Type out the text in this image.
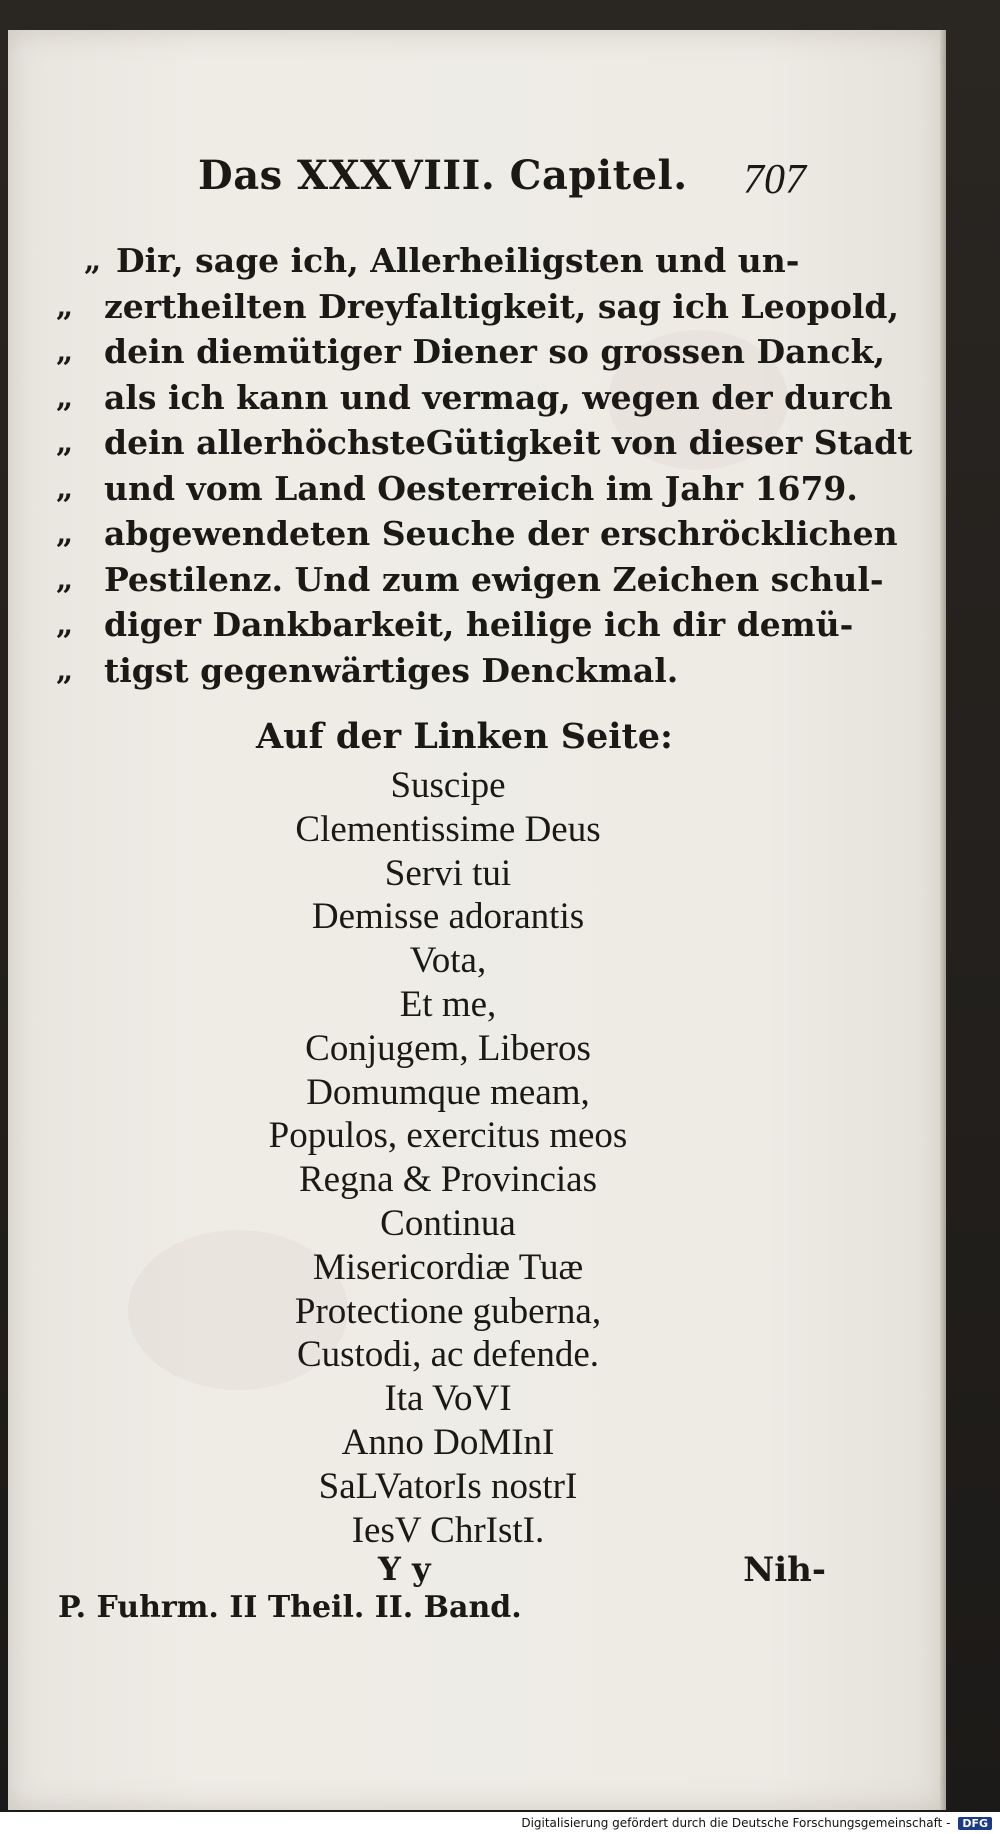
Das XXXVIII. Capitel. 707
„ Dir, sage ich, Allerheiligsten und un-
„ zertheilten Dreyfaltigkeit, sag ich Leopold,
„ dein diemütiger Diener so grossen Danck,
„ als ich kann und vermag, wegen der durch
„ dein allerhöchsteGütigkeit von dieser Stadt
„ und vom Land Oesterreich im Jahr 1679.
„ abgewendeten Seuche der erschröcklichen
„ Pestilenz. Und zum ewigen Zeichen schul-
„ diger Dankbarkeit, heilige ich dir demü-
„ tigst gegenwärtiges Denckmal.
Auf der Linken Seite:
Suscipe
Clementissime Deus
Servi tui
Demisse adorantis
Vota,
Et me,
Conjugem, Liberos
Domumque meam,
Populos, exercitus meos
Regna & Provincias
Continua
Misericordiæ Tuæ
Protectione guberna,
Custodi, ac defende.
Ita VoVI
Anno DoMInI
SaLVatorIs nostrI
IesV ChrIstI.
Y y	Nih-
P. Fuhrm. II Theil. II. Band.
Digitalisierung gefördert durch die Deutsche Forschungsgemeinschaft - DFG
